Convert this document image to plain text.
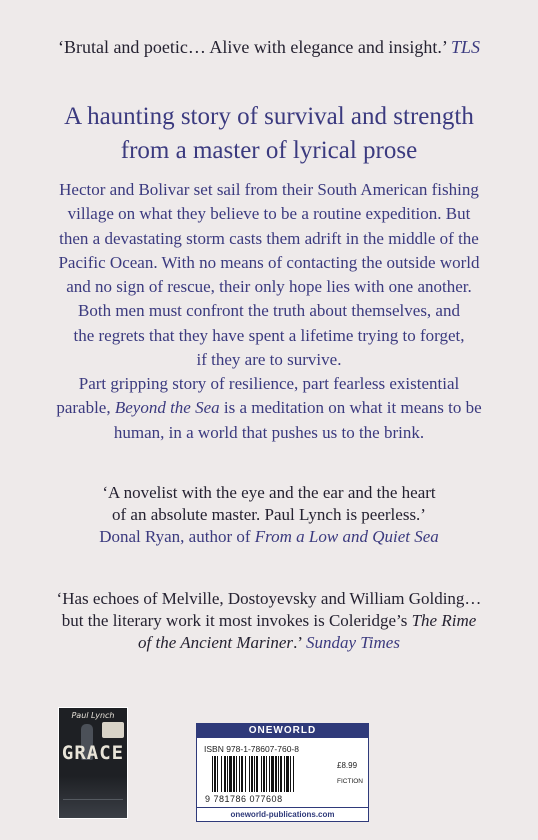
‘Brutal and poetic… Alive with elegance and insight.’ TLS
A haunting story of survival and strength
from a master of lyrical prose
Hector and Bolivar set sail from their South American fishing
village on what they believe to be a routine expedition. But
then a devastating storm casts them adrift in the middle of the
Pacific Ocean. With no means of contacting the outside world
and no sign of rescue, their only hope lies with one another.
Both men must confront the truth about themselves, and
the regrets that they have spent a lifetime trying to forget,
if they are to survive.
Part gripping story of resilience, part fearless existential
parable, Beyond the Sea is a meditation on what it means to be
human, in a world that pushes us to the brink.
‘A novelist with the eye and the ear and the heart
of an absolute master. Paul Lynch is peerless.’
Donal Ryan, author of From a Low and Quiet Sea
‘Has echoes of Melville, Dostoyevsky and William Golding…
but the literary work it most invokes is Coleridge’s The Rime
of the Ancient Mariner.’ Sunday Times
Paul Lynch
GRACE
ONEWORLD
ISBN 978-1-78607-760-8
9 781786 077608
£8.99
FICTION
oneworld-publications.com
